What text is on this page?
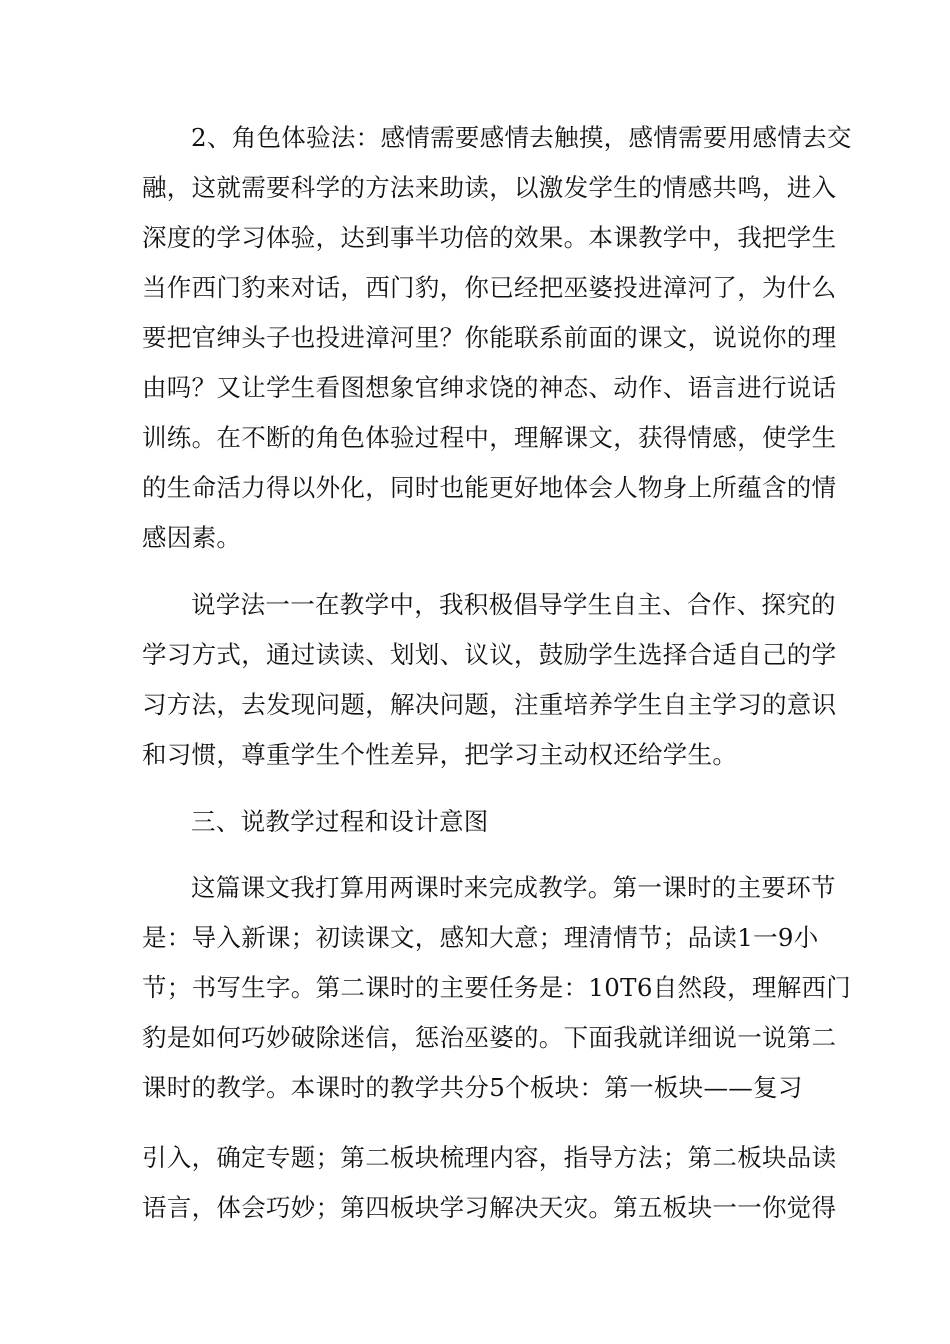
2、角色体验法：感情需要感情去触摸，感情需要用感情去交
融，这就需要科学的方法来助读，以激发学生的情感共鸣，进入
深度的学习体验，达到事半功倍的效果。本课教学中，我把学生
当作西门豹来对话，西门豹，你已经把巫婆投进漳河了，为什么
要把官绅头子也投进漳河里？你能联系前面的课文，说说你的理
由吗？又让学生看图想象官绅求饶的神态、动作、语言进行说话
训练。在不断的角色体验过程中，理解课文，获得情感，使学生
的生命活力得以外化，同时也能更好地体会人物身上所蕴含的情
感因素。
说学法一一在教学中，我积极倡导学生自主、合作、探究的
学习方式，通过读读、划划、议议，鼓励学生选择合适自己的学
习方法，去发现问题，解决问题，注重培养学生自主学习的意识
和习惯，尊重学生个性差异，把学习主动权还给学生。
三、说教学过程和设计意图
这篇课文我打算用两课时来完成教学。第一课时的主要环节
是：导入新课；初读课文，感知大意；理清情节；品读1一9小
节；书写生字。第二课时的主要任务是：10T6自然段，理解西门
豹是如何巧妙破除迷信，惩治巫婆的。下面我就详细说一说第二
课时的教学。本课时的教学共分5个板块：第一板块——复习
引入，确定专题；第二板块梳理内容，指导方法；第二板块品读
语言，体会巧妙；第四板块学习解决天灾。第五板块一一你觉得
